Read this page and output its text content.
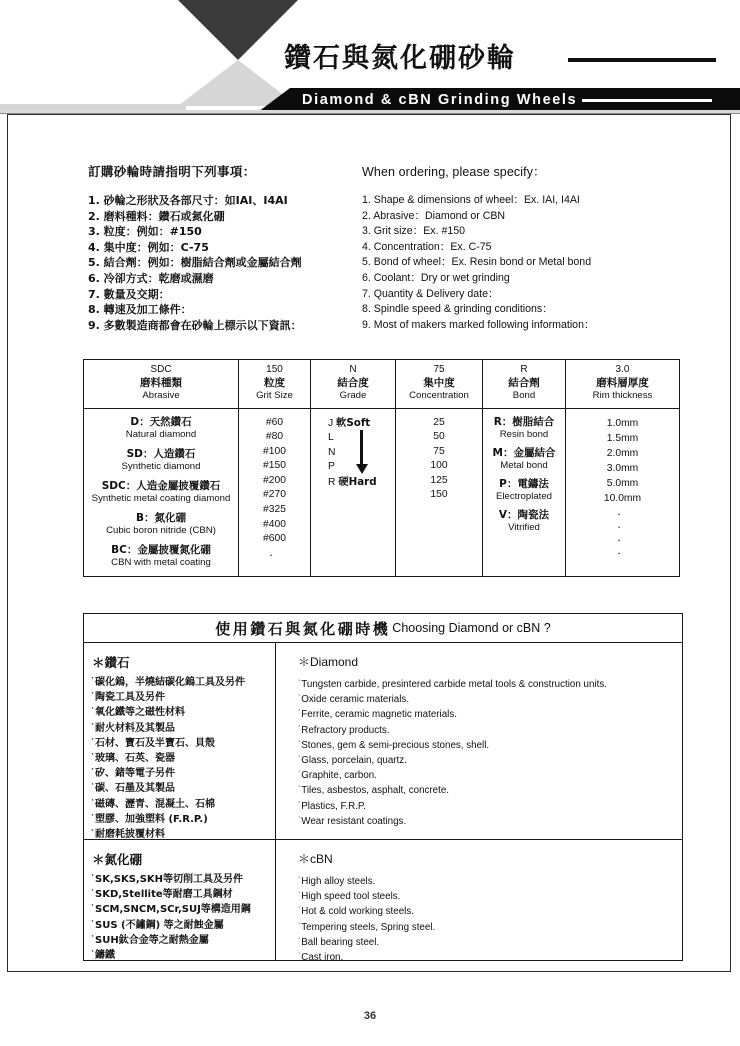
鑽石與氮化硼砂輪
Diamond & cBN Grinding Wheels
訂購砂輪時請指明下列事項：
1. 砂輪之形狀及各部尺寸：如IAI、I4AI
2. 磨料種料：鑽石或氮化硼
3. 粒度：例如：#150
4. 集中度：例如：C-75
5. 結合劑：例如：樹脂結合劑或金屬結合劑
6. 冷卻方式：乾磨或濕磨
7. 數量及交期：
8. 轉速及加工條件：
9. 多數製造商都會在砂輪上標示以下資訊：
When ordering, please specify：
1. Shape & dimensions of wheel：Ex. IAI, I4AI
2. Abrasive：Diamond or CBN
3. Grit size：Ex. #150
4. Concentration：Ex. C-75
5. Bond of wheel：Ex. Resin bond or Metal bond
6. Coolant：Dry or wet grinding
7. Quantity & Delivery date：
8. Spindle speed & grinding conditions：
9. Most of makers marked following information：
SDC
磨料種類
Abrasive
D：天然鑽石
Natural diamond
SD：人造鑽石
Synthetic diamond
SDC：人造金屬披覆鑽石
Synthetic metal coating diamond
B：氮化硼
Cubic boron nitride (CBN)
BC：金屬披覆氮化硼
CBN with metal coating
150
粒度
Grit Size
#60
#80
#100
#150
#200
#270
#325
#400
#600
．
N
結合度
Grade
J 軟Soft
L
N
P
R 硬Hard
75
集中度
Concentration
25
50
75
100
125
150
R
結合劑
Bond
R：樹脂結合
Resin bond
M：金屬結合
Metal bond
P：電鑄法
Electroplated
V：陶瓷法
Vitrified
3.0
磨料層厚度
Rim thickness
1.0mm
1.5mm
2.0mm
3.0mm
5.0mm
10.0mm
．
．
．
．
使用鑽石與氮化硼時機 Choosing Diamond or cBN ?
＊鑽石
˙碳化鎢，半燒結碳化鎢工具及另件
˙陶瓷工具及另件
˙氧化鐵等之磁性材料
˙耐火材料及其製品
˙石材、寶石及半寶石、貝殼
˙玻璃、石英、瓷器
˙矽、鍺等電子另件
˙碳、石墨及其製品
˙磁磚、瀝青、混凝土、石棉
˙塑膠、加強塑料 (F.R.P.)
˙耐磨耗披覆材料
＊氮化硼
˙SK,SKS,SKH等切削工具及另件
˙SKD,Stellite等耐磨工具鋼材
˙SCM,SNCM,SCr,SUJ等構造用鋼
˙SUS (不鏽鋼) 等之耐蝕金屬
˙SUH鈦合金等之耐熱金屬
˙鑄鐵
＊Diamond
˙Tungsten carbide, presintered carbide metal tools & construction units.
˙Oxide ceramic materials.
˙Ferrite, ceramic magnetic materials.
˙Refractory products.
˙Stones, gem & semi-precious stones, shell.
˙Glass, porcelain, quartz.
˙Graphite, carbon.
˙Tiles, asbestos, asphalt, concrete.
˙Plastics, F.R.P.
˙Wear resistant coatings.
＊cBN
˙High alloy steels.
˙High speed tool steels.
˙Hot & cold working steels.
˙Tempering steels, Spring steel.
˙Ball bearing steel.
˙Cast iron.
36
